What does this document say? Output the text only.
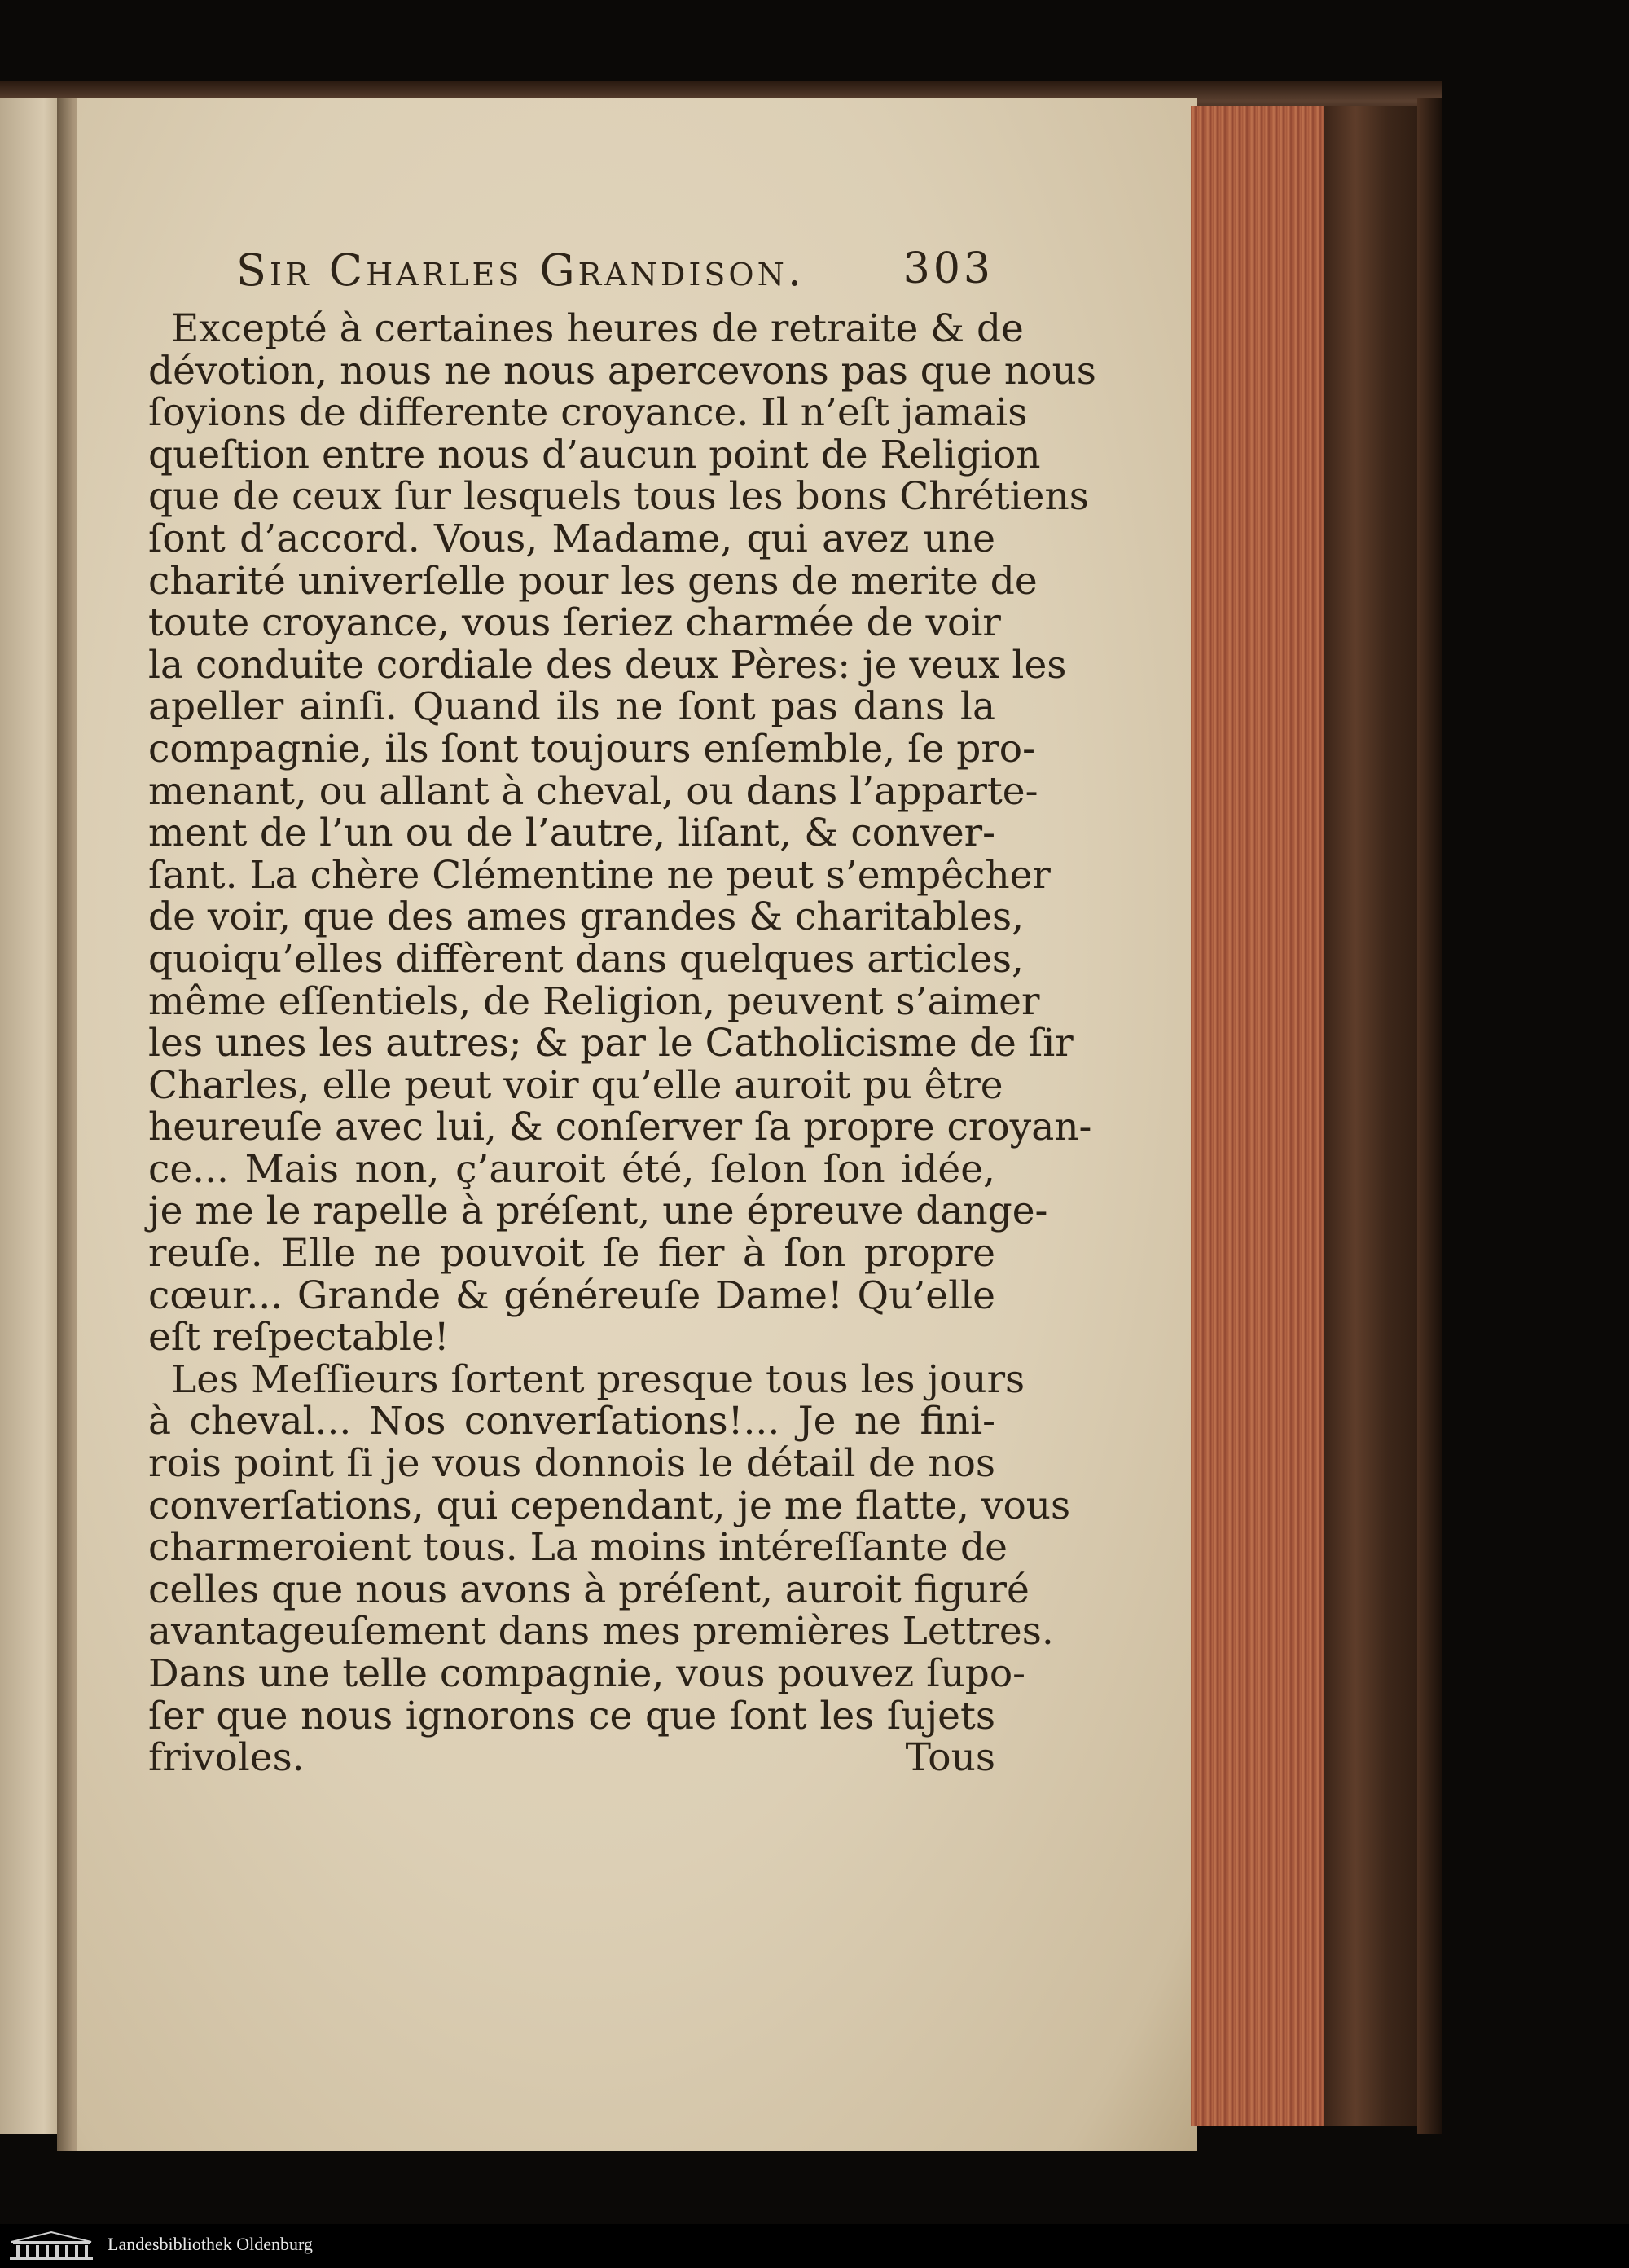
Sir Charles Grandison. 303
Excepté à certaines heures de retraite & de
dévotion, nous ne nous apercevons pas que nous
ſoyions de differente croyance. Il n’eſt jamais
queſtion entre nous d’aucun point de Religion
que de ceux ſur lesquels tous les bons Chrétiens
ſont d’accord. Vous, Madame, qui avez une
charité univerſelle pour les gens de merite de
toute croyance, vous ſeriez charmée de voir
la conduite cordiale des deux Pères: je veux les
apeller ainſi. Quand ils ne ſont pas dans la
compagnie, ils ſont toujours enſemble, ſe pro-
menant, ou allant à cheval, ou dans l’apparte-
ment de l’un ou de l’autre, liſant, & conver-
ſant. La chère Clémentine ne peut s’empêcher
de voir, que des ames grandes & charitables,
quoiqu’elles diffèrent dans quelques articles,
même eſſentiels, de Religion, peuvent s’aimer
les unes les autres; & par le Catholicisme de ſir
Charles, elle peut voir qu’elle auroit pu être
heureuſe avec lui, & conſerver ſa propre croyan-
ce... Mais non, ç’auroit été, ſelon ſon idée,
je me le rapelle à préſent, une épreuve dange-
reuſe. Elle ne pouvoit ſe fier à ſon propre
cœur... Grande & généreuſe Dame! Qu’elle
eſt reſpectable!
Les Meſſieurs ſortent presque tous les jours
à cheval... Nos converſations!... Je ne fini-
rois point ſi je vous donnois le détail de nos
converſations, qui cependant, je me flatte, vous
charmeroient tous. La moins intéreſſante de
celles que nous avons à préſent, auroit figuré
avantageuſement dans mes premières Lettres.
Dans une telle compagnie, vous pouvez ſupo-
ſer que nous ignorons ce que ſont les ſujets
frivoles.	Tous
Landesbibliothek Oldenburg
